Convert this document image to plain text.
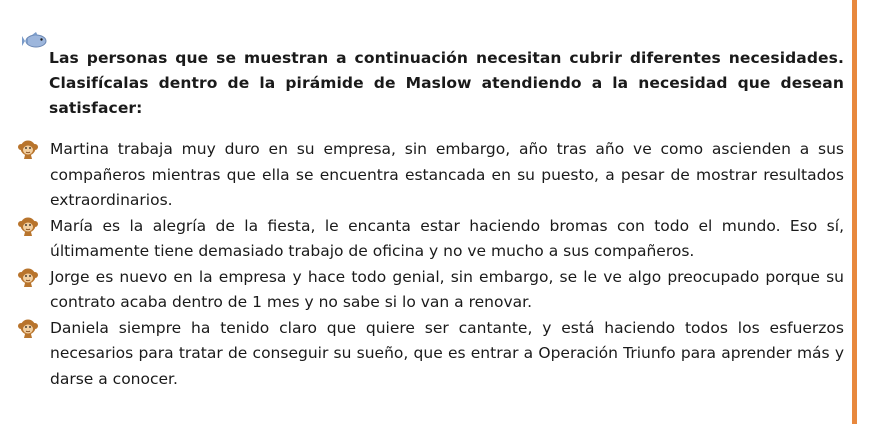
Las personas que se muestran a continuación necesitan cubrir diferentes necesidades. Clasifícalas dentro de la pirámide de Maslow atendiendo a la necesidad que desean satisfacer:

Martina trabaja muy duro en su empresa, sin embargo, año tras año ve como ascienden a sus compañeros mientras que ella se encuentra estancada en su puesto, a pesar de mostrar resultados extraordinarios.
María es la alegría de la fiesta, le encanta estar haciendo bromas con todo el mundo. Eso sí, últimamente tiene demasiado trabajo de oficina y no ve mucho a sus compañeros.
Jorge es nuevo en la empresa y hace todo genial, sin embargo, se le ve algo preocupado porque su contrato acaba dentro de 1 mes y no sabe si lo van a renovar.
Daniela siempre ha tenido claro que quiere ser cantante, y está haciendo todos los esfuerzos necesarios para tratar de conseguir su sueño, que es entrar a Operación Triunfo para aprender más y darse a conocer.
